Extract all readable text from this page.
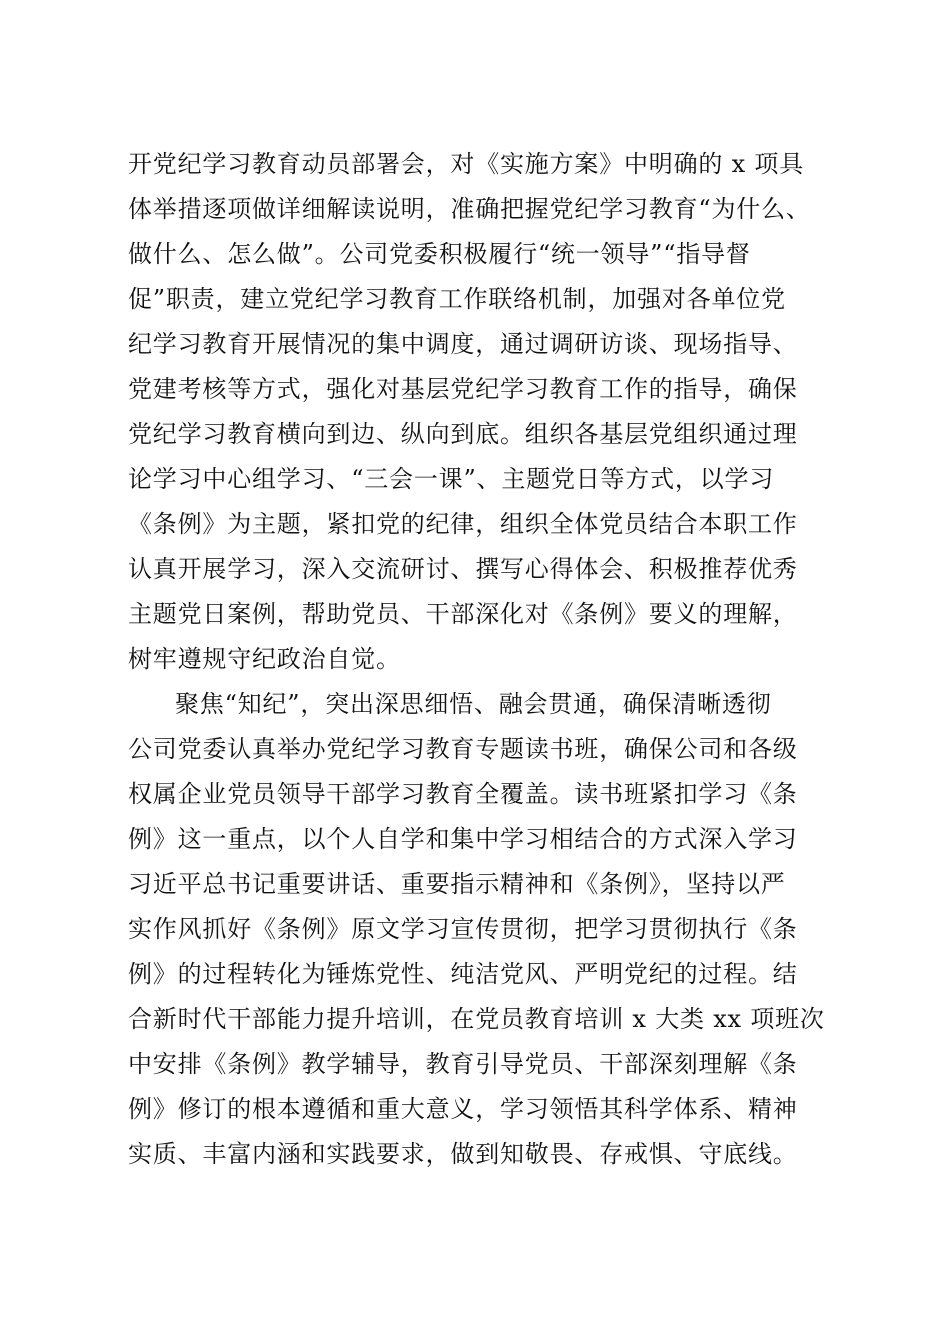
开党纪学习教育动员部署会，对《实施方案》中明确的 x 项具
体举措逐项做详细解读说明，准确把握党纪学习教育“为什么、
做什么、怎么做”。公司党委积极履行“统一领导”“指导督
促”职责，建立党纪学习教育工作联络机制，加强对各单位党
纪学习教育开展情况的集中调度，通过调研访谈、现场指导、
党建考核等方式，强化对基层党纪学习教育工作的指导，确保
党纪学习教育横向到边、纵向到底。组织各基层党组织通过理
论学习中心组学习、“三会一课”、主题党日等方式，以学习
《条例》为主题，紧扣党的纪律，组织全体党员结合本职工作
认真开展学习，深入交流研讨、撰写心得体会、积极推荐优秀
主题党日案例，帮助党员、干部深化对《条例》要义的理解，
树牢遵规守纪政治自觉。
聚焦“知纪”，突出深思细悟、融会贯通，确保清晰透彻
公司党委认真举办党纪学习教育专题读书班，确保公司和各级
权属企业党员领导干部学习教育全覆盖。读书班紧扣学习《条
例》这一重点，以个人自学和集中学习相结合的方式深入学习
习近平总书记重要讲话、重要指示精神和《条例》，坚持以严
实作风抓好《条例》原文学习宣传贯彻，把学习贯彻执行《条
例》的过程转化为锤炼党性、纯洁党风、严明党纪的过程。结
合新时代干部能力提升培训，在党员教育培训 x 大类 xx 项班次
中安排《条例》教学辅导，教育引导党员、干部深刻理解《条
例》修订的根本遵循和重大意义，学习领悟其科学体系、精神
实质、丰富内涵和实践要求，做到知敬畏、存戒惧、守底线。
